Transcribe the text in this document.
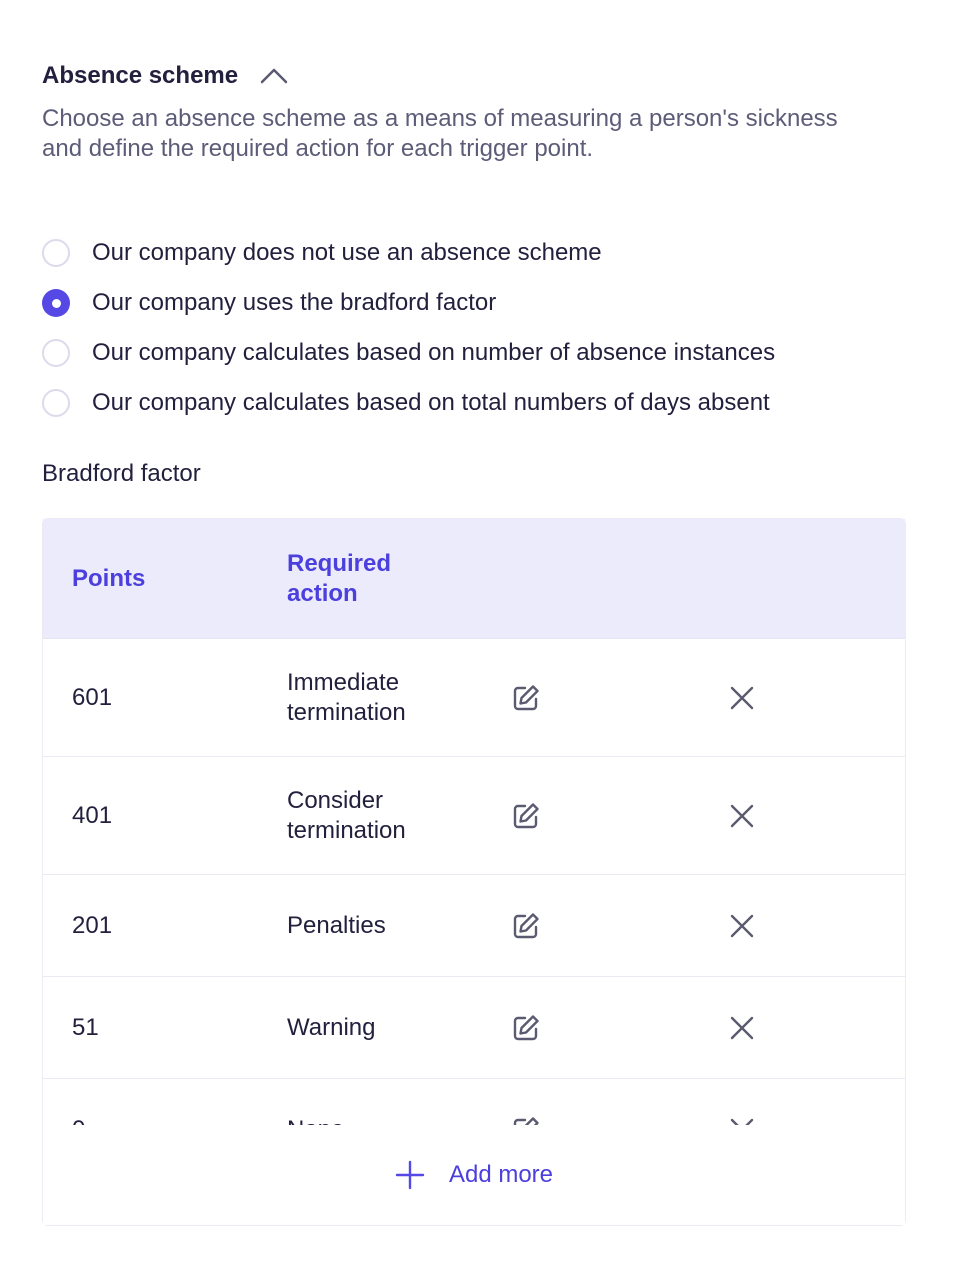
Absence scheme

Choose an absence scheme as a means of measuring a person's sickness and define the required action for each trigger point.

Our company does not use an absence scheme
Our company uses the bradford factor
Our company calculates based on number of absence instances
Our company calculates based on total numbers of days absent
Bradford factor
Points
Required action
601
Immediate termination
401
Consider termination
201	Penalties
51	Warning
Add more
